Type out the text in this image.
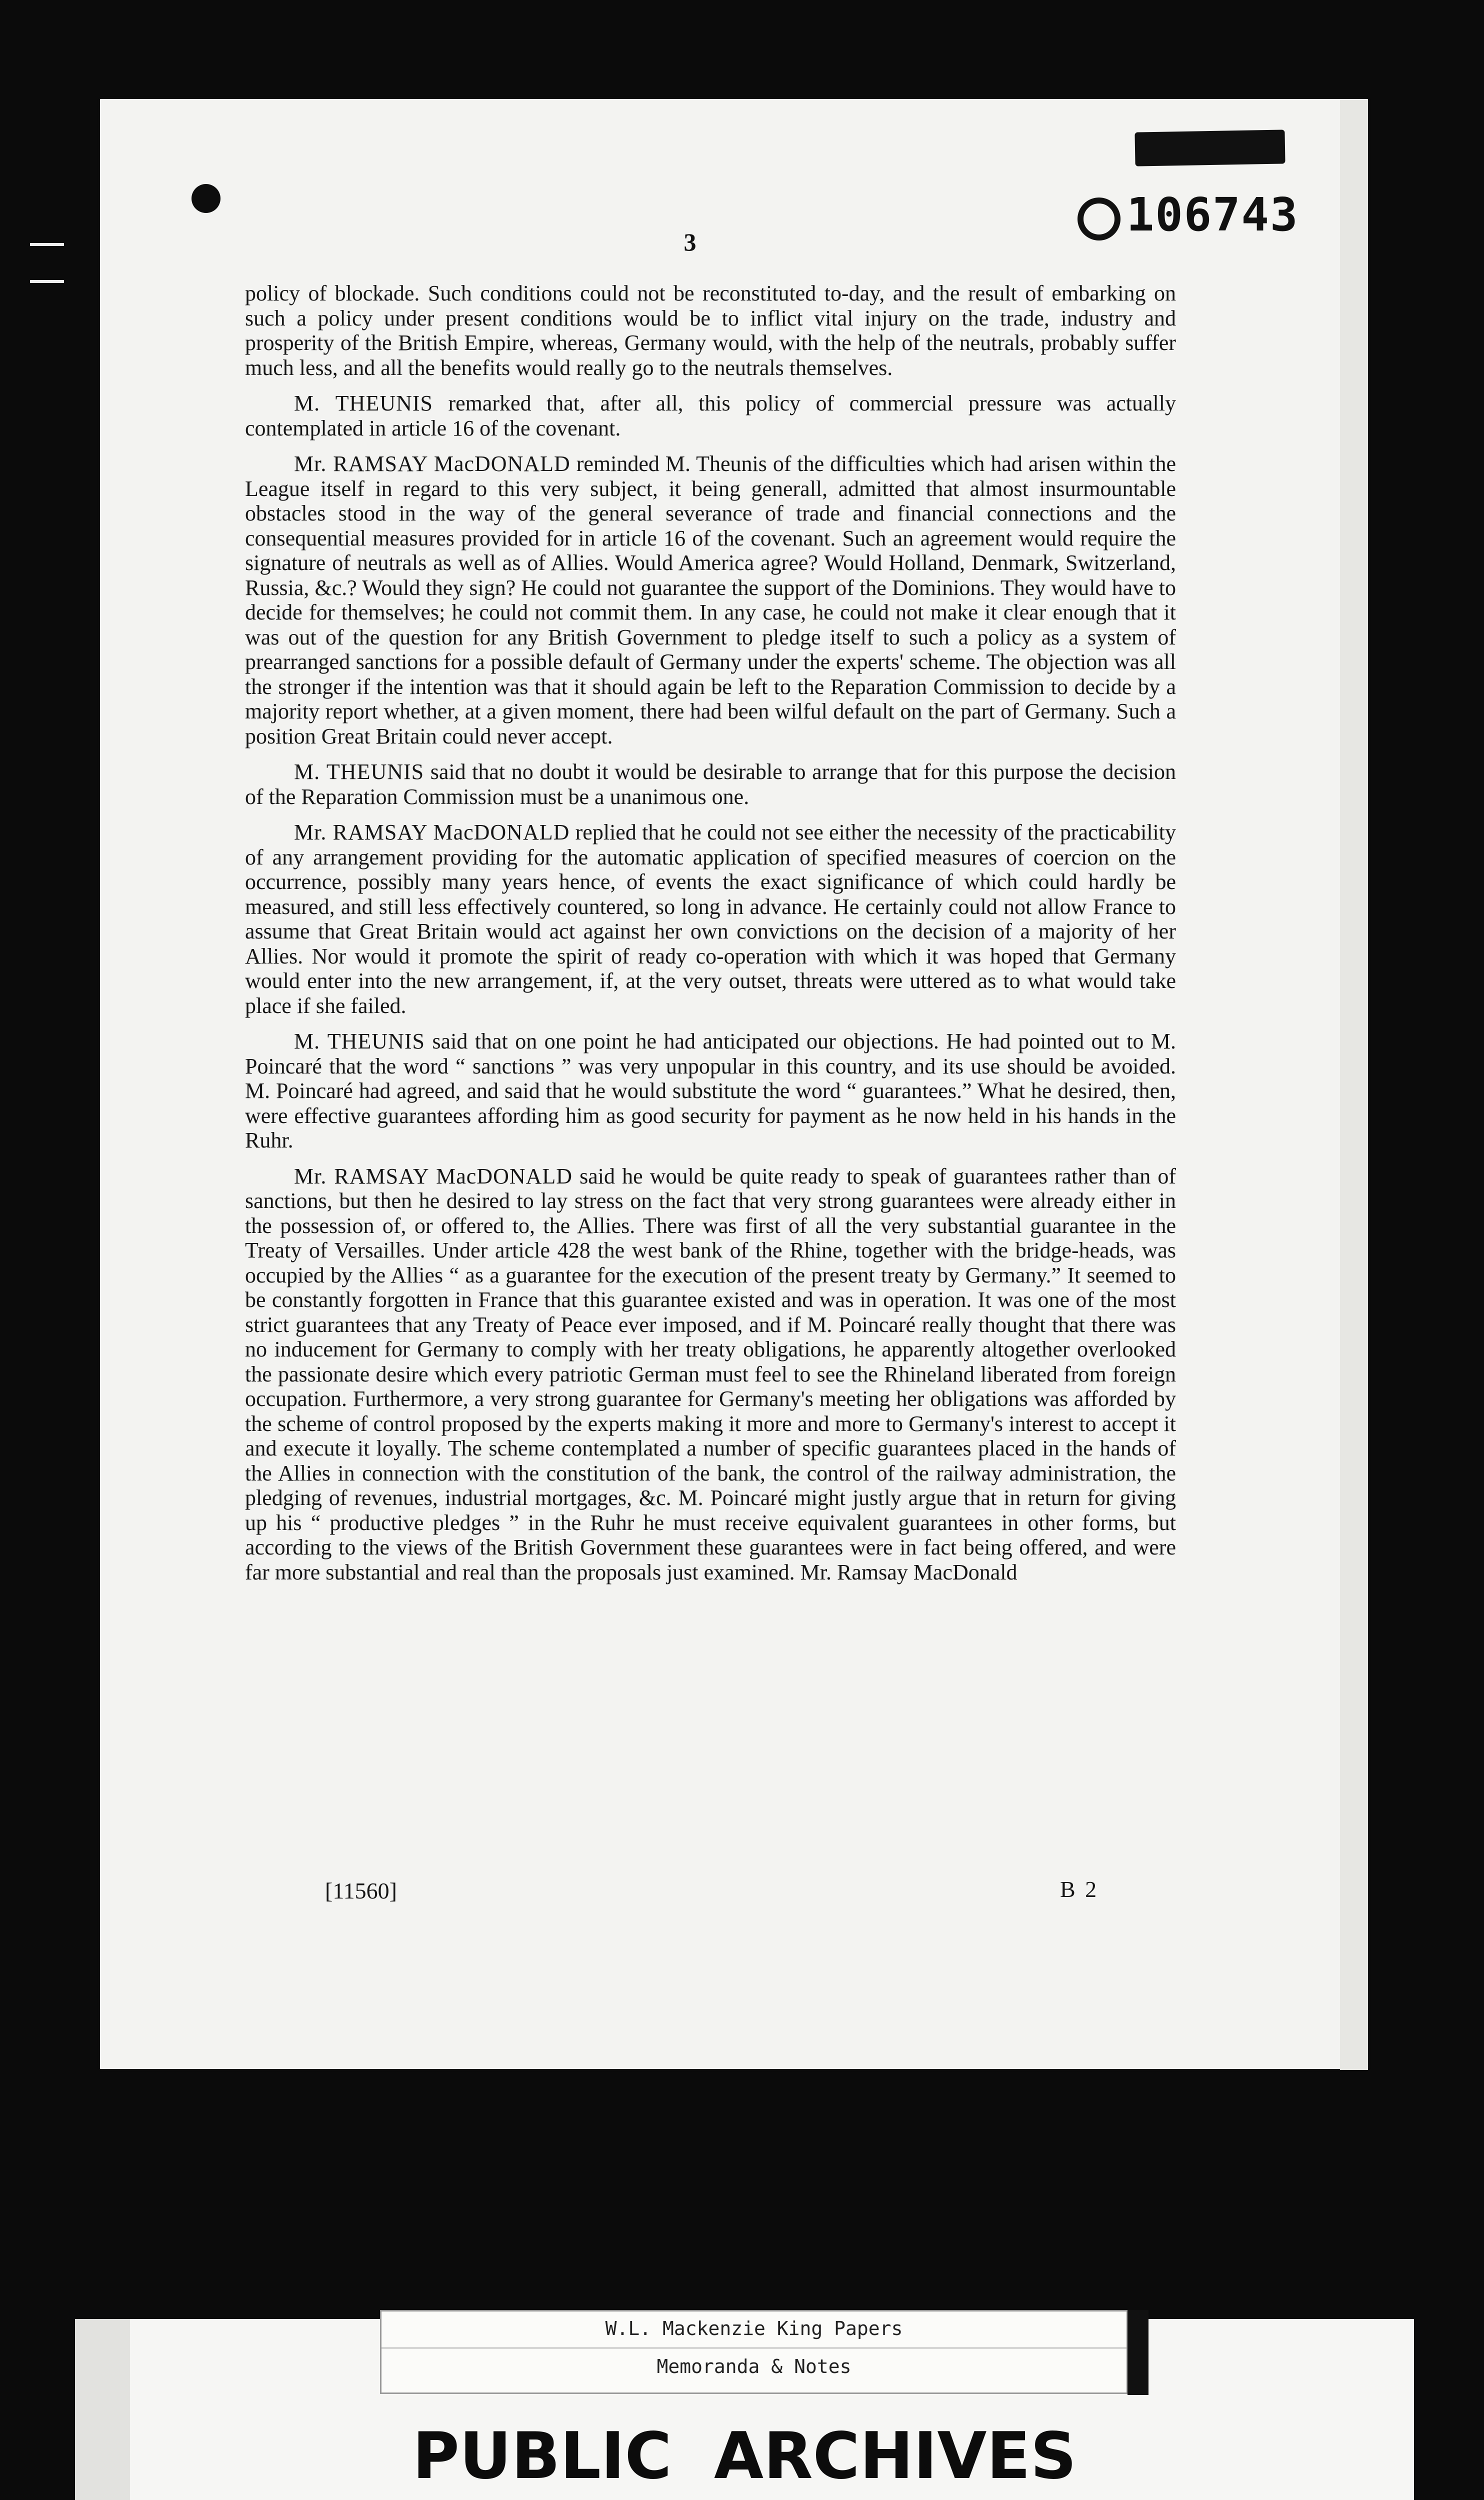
106743
3

policy of blockade. Such conditions could not be reconstituted to-day, and the result of embarking on such a policy under present conditions would be to inflict vital injury on the trade, industry and prosperity of the British Empire, whereas, Germany would, with the help of the neutrals, probably suffer much less, and all the benefits would really go to the neutrals themselves.

M. THEUNIS remarked that, after all, this policy of commercial pressure was actually contemplated in article 16 of the covenant.

Mr. RAMSAY MacDONALD reminded M. Theunis of the difficulties which had arisen within the League itself in regard to this very subject, it being generall, admitted that almost insurmountable obstacles stood in the way of the general severance of trade and financial connections and the consequential measures provided for in article 16 of the covenant. Such an agreement would require the signature of neutrals as well as of Allies. Would America agree? Would Holland, Denmark, Switzerland, Russia, &c.? Would they sign? He could not guarantee the support of the Dominions. They would have to decide for themselves; he could not commit them. In any case, he could not make it clear enough that it was out of the question for any British Government to pledge itself to such a policy as a system of prearranged sanctions for a possible default of Germany under the experts' scheme. The objection was all the stronger if the intention was that it should again be left to the Reparation Commission to decide by a majority report whether, at a given moment, there had been wilful default on the part of Germany. Such a position Great Britain could never accept.

M. THEUNIS said that no doubt it would be desirable to arrange that for this purpose the decision of the Reparation Commission must be a unanimous one.

Mr. RAMSAY MacDONALD replied that he could not see either the necessity of the practicability of any arrangement providing for the automatic application of specified measures of coercion on the occurrence, possibly many years hence, of events the exact significance of which could hardly be measured, and still less effectively countered, so long in advance. He certainly could not allow France to assume that Great Britain would act against her own convictions on the decision of a majority of her Allies. Nor would it promote the spirit of ready co-operation with which it was hoped that Germany would enter into the new arrangement, if, at the very outset, threats were uttered as to what would take place if she failed.

M. THEUNIS said that on one point he had anticipated our objections. He had pointed out to M. Poincaré that the word “ sanctions ” was very unpopular in this country, and its use should be avoided. M. Poincaré had agreed, and said that he would substitute the word “ guarantees.” What he desired, then, were effective guarantees affording him as good security for payment as he now held in his hands in the Ruhr.

Mr. RAMSAY MacDONALD said he would be quite ready to speak of guarantees rather than of sanctions, but then he desired to lay stress on the fact that very strong guarantees were already either in the possession of, or offered to, the Allies. There was first of all the very substantial guarantee in the Treaty of Versailles. Under article 428 the west bank of the Rhine, together with the bridge-heads, was occupied by the Allies “ as a guarantee for the execution of the present treaty by Germany.” It seemed to be constantly forgotten in France that this guarantee existed and was in operation. It was one of the most strict guarantees that any Treaty of Peace ever imposed, and if M. Poincaré really thought that there was no inducement for Germany to comply with her treaty obligations, he apparently altogether overlooked the passionate desire which every patriotic German must feel to see the Rhineland liberated from foreign occupation. Furthermore, a very strong guarantee for Germany's meeting her obligations was afforded by the scheme of control proposed by the experts making it more and more to Germany's interest to accept it and execute it loyally. The scheme contemplated a number of specific guarantees placed in the hands of the Allies in connection with the constitution of the bank, the control of the railway administration, the pledging of revenues, industrial mortgages, &c. M. Poincaré might justly argue that in return for giving up his “ productive pledges ” in the Ruhr he must receive equivalent guarantees in other forms, but according to the views of the British Government these guarantees were in fact being offered, and were far more substantial and real than the proposals just examined. Mr. Ramsay MacDonald

[11560]	B 2
W.L. Mackenzie King Papers
Memoranda & Notes
PUBLIC ARCHIVES
